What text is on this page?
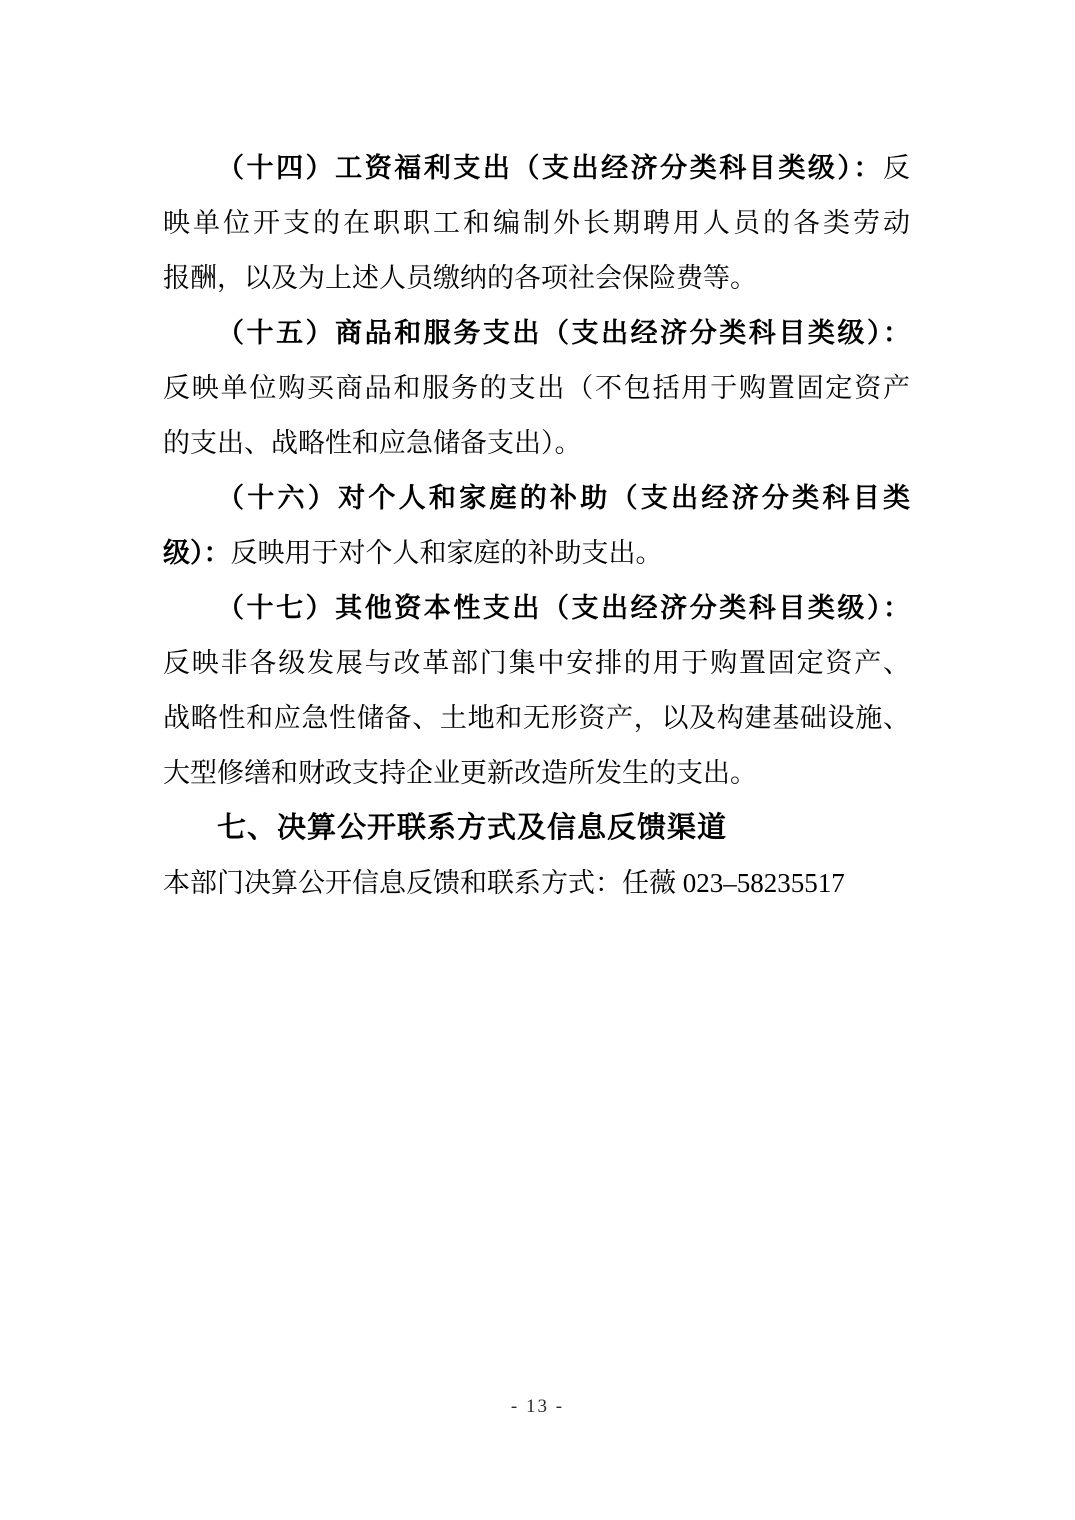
（十四）工资福利支出（支出经济分类科目类级）：反
映单位开支的在职职工和编制外长期聘用人员的各类劳动
报酬，以及为上述人员缴纳的各项社会保险费等。
（十五）商品和服务支出（支出经济分类科目类级）：
反映单位购买商品和服务的支出（不包括用于购置固定资产
的支出、战略性和应急储备支出）。
（十六）对个人和家庭的补助（支出经济分类科目类
级）：反映用于对个人和家庭的补助支出。
（十七）其他资本性支出（支出经济分类科目类级）：
反映非各级发展与改革部门集中安排的用于购置固定资产、
战略性和应急性储备、土地和无形资产，以及构建基础设施、
大型修缮和财政支持企业更新改造所发生的支出。
七、决算公开联系方式及信息反馈渠道
本部门决算公开信息反馈和联系方式：任薇 023–58235517
- 13 -
